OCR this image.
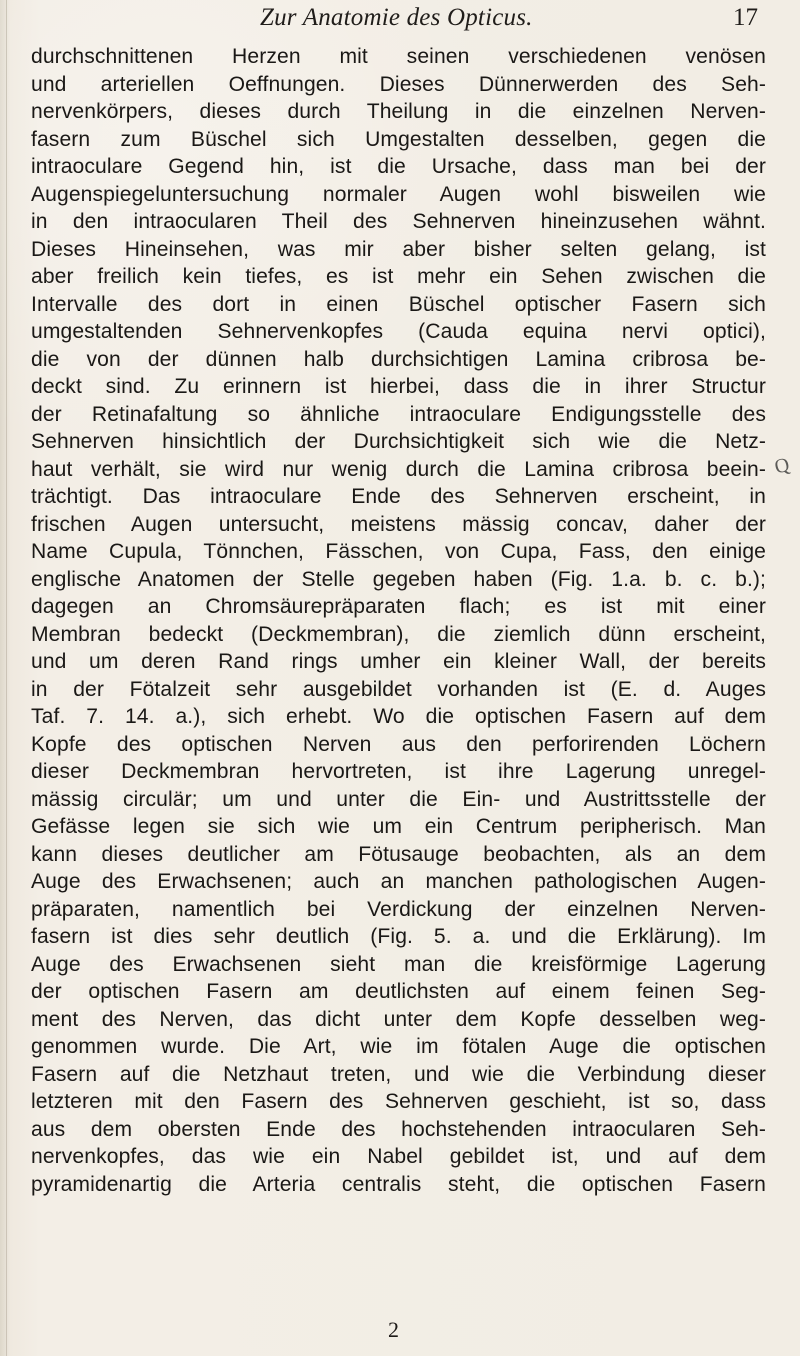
Zur Anatomie des Opticus.	17
durchschnittenen Herzen mit seinen verschiedenen venösen
und arteriellen Oeffnungen. Dieses Dünnerwerden des Seh-
nervenkörpers, dieses durch Theilung in die einzelnen Nerven-
fasern zum Büschel sich Umgestalten desselben, gegen die
intraoculare Gegend hin, ist die Ursache, dass man bei der
Augenspiegeluntersuchung normaler Augen wohl bisweilen wie
in den intraocularen Theil des Sehnerven hineinzusehen wähnt.
Dieses Hineinsehen, was mir aber bisher selten gelang, ist
aber freilich kein tiefes, es ist mehr ein Sehen zwischen die
Intervalle des dort in einen Büschel optischer Fasern sich
umgestaltenden Sehnervenkopfes (Cauda equina nervi optici),
die von der dünnen halb durchsichtigen Lamina cribrosa be-
deckt sind. Zu erinnern ist hierbei, dass die in ihrer Structur
der Retinafaltung so ähnliche intraoculare Endigungsstelle des
Sehnerven hinsichtlich der Durchsichtigkeit sich wie die Netz-
haut verhält, sie wird nur wenig durch die Lamina cribrosa beein-
trächtigt. Das intraoculare Ende des Sehnerven erscheint, in
frischen Augen untersucht, meistens mässig concav, daher der
Name Cupula, Tönnchen, Fässchen, von Cupa, Fass, den einige
englische Anatomen der Stelle gegeben haben (Fig. 1.a. b. c. b.);
dagegen an Chromsäurepräparaten flach; es ist mit einer
Membran bedeckt (Deckmembran), die ziemlich dünn erscheint,
und um deren Rand rings umher ein kleiner Wall, der bereits
in der Fötalzeit sehr ausgebildet vorhanden ist (E. d. Auges
Taf. 7. 14. a.), sich erhebt. Wo die optischen Fasern auf dem
Kopfe des optischen Nerven aus den perforirenden Löchern
dieser Deckmembran hervortreten, ist ihre Lagerung unregel-
mässig circulär; um und unter die Ein- und Austrittsstelle der
Gefässe legen sie sich wie um ein Centrum peripherisch. Man
kann dieses deutlicher am Fötusauge beobachten, als an dem
Auge des Erwachsenen; auch an manchen pathologischen Augen-
präparaten, namentlich bei Verdickung der einzelnen Nerven-
fasern ist dies sehr deutlich (Fig. 5. a. und die Erklärung). Im
Auge des Erwachsenen sieht man die kreisförmige Lagerung
der optischen Fasern am deutlichsten auf einem feinen Seg-
ment des Nerven, das dicht unter dem Kopfe desselben weg-
genommen wurde. Die Art, wie im fötalen Auge die optischen
Fasern auf die Netzhaut treten, und wie die Verbindung dieser
letzteren mit den Fasern des Sehnerven geschieht, ist so, dass
aus dem obersten Ende des hochstehenden intraocularen Seh-
nervenkopfes, das wie ein Nabel gebildet ist, und auf dem
pyramidenartig die Arteria centralis steht, die optischen Fasern
Q
2
